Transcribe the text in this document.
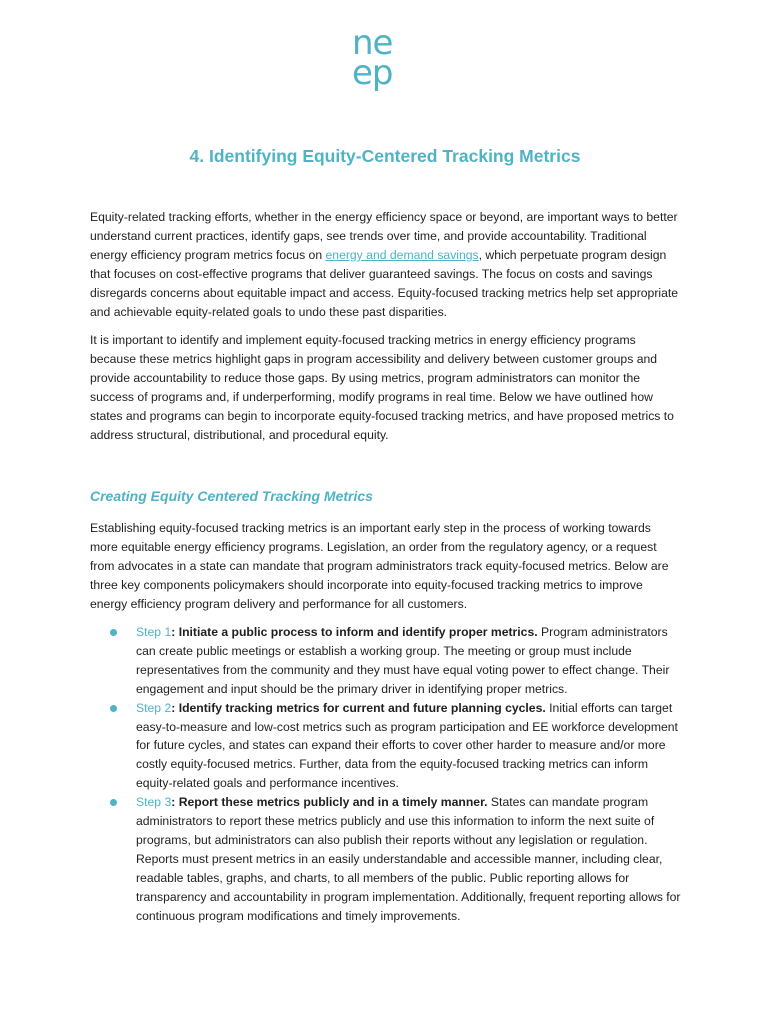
ne
ep
4. Identifying Equity-Centered Tracking Metrics

Equity-related tracking efforts, whether in the energy efficiency space or beyond, are important ways to better understand current practices, identify gaps, see trends over time, and provide accountability. Traditional energy efficiency program metrics focus on energy and demand savings, which perpetuate program design that focuses on cost-effective programs that deliver guaranteed savings. The focus on costs and savings disregards concerns about equitable impact and access. Equity-focused tracking metrics help set appropriate and achievable equity-related goals to undo these past disparities.

It is important to identify and implement equity-focused tracking metrics in energy efficiency programs because these metrics highlight gaps in program accessibility and delivery between customer groups and provide accountability to reduce those gaps. By using metrics, program administrators can monitor the success of programs and, if underperforming, modify programs in real time. Below we have outlined how states and programs can begin to incorporate equity-focused tracking metrics, and have proposed metrics to address structural, distributional, and procedural equity.

Creating Equity Centered Tracking Metrics

Establishing equity-focused tracking metrics is an important early step in the process of working towards more equitable energy efficiency programs. Legislation, an order from the regulatory agency, or a request from advocates in a state can mandate that program administrators track equity-focused metrics. Below are three key components policymakers should incorporate into equity-focused tracking metrics to improve energy efficiency program delivery and performance for all customers.

Step 1: Initiate a public process to inform and identify proper metrics. Program administrators can create public meetings or establish a working group. The meeting or group must include representatives from the community and they must have equal voting power to effect change. Their engagement and input should be the primary driver in identifying proper metrics.
Step 2: Identify tracking metrics for current and future planning cycles. Initial efforts can target easy-to-measure and low-cost metrics such as program participation and EE workforce development for future cycles, and states can expand their efforts to cover other harder to measure and/or more costly equity-focused metrics. Further, data from the equity-focused tracking metrics can inform equity-related goals and performance incentives.
Step 3: Report these metrics publicly and in a timely manner. States can mandate program administrators to report these metrics publicly and use this information to inform the next suite of programs, but administrators can also publish their reports without any legislation or regulation. Reports must present metrics in an easily understandable and accessible manner, including clear, readable tables, graphs, and charts, to all members of the public. Public reporting allows for transparency and accountability in program implementation. Additionally, frequent reporting allows for continuous program modifications and timely improvements.
